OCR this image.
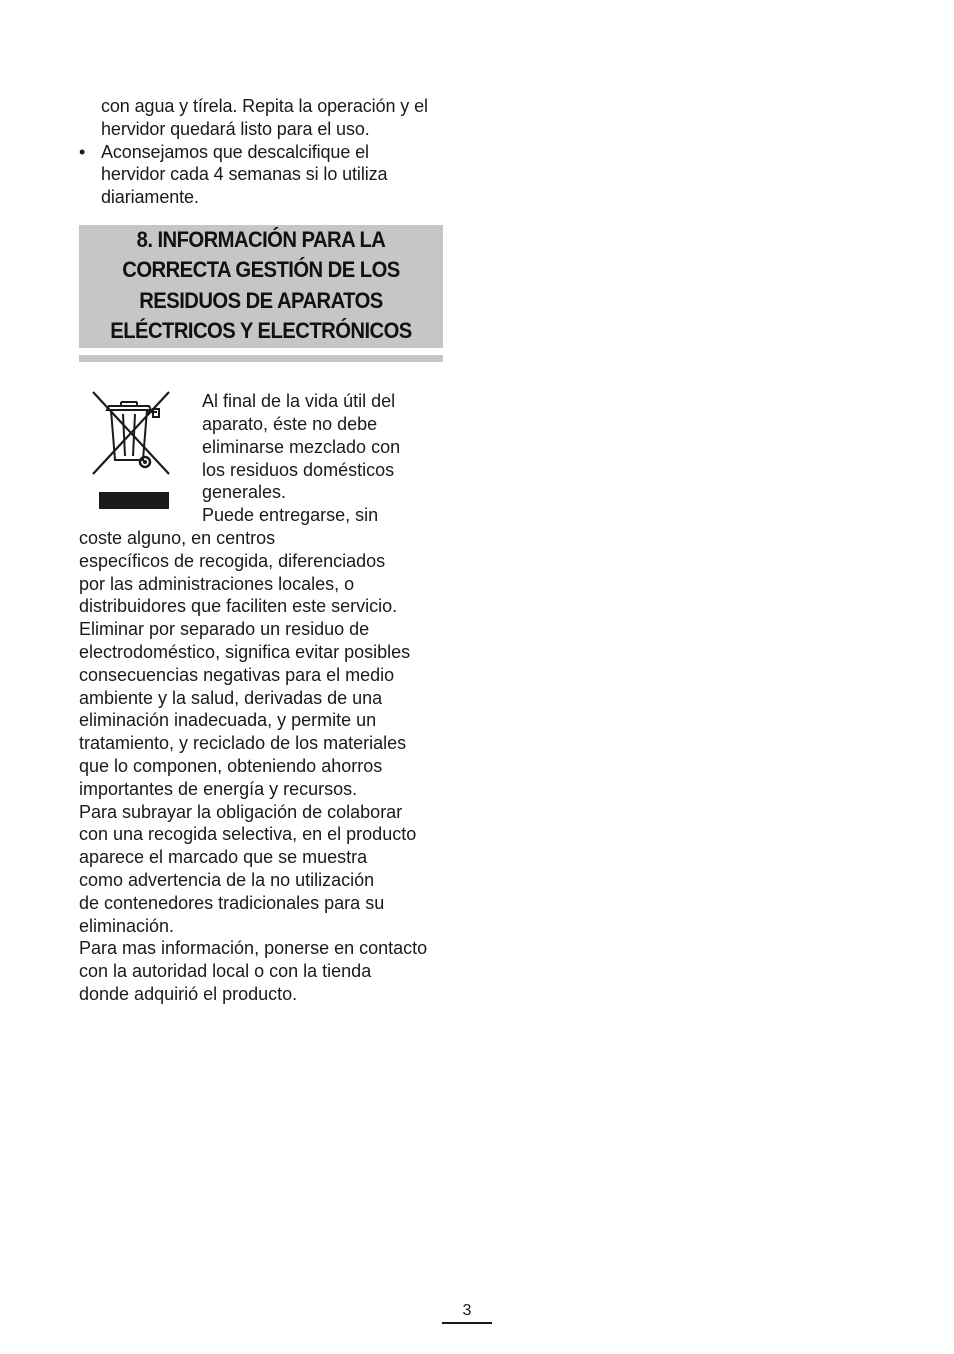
con agua y tírela. Repita la operación y el
hervidor quedará listo para el uso.
• Aconsejamos que descalcifique el
hervidor cada 4 semanas si lo utiliza
diariamente.
8. INFORMACIÓN PARA LA
CORRECTA GESTIÓN DE LOS
RESIDUOS DE APARATOS
ELÉCTRICOS Y ELECTRÓNICOS
Al final de la vida útil del
aparato, éste no debe
eliminarse mezclado con
los residuos domésticos
generales.
Puede entregarse, sin
coste alguno, en centros
específicos de recogida, diferenciados
por las administraciones locales, o
distribuidores que faciliten este servicio.
Eliminar por separado un residuo de
electrodoméstico, significa evitar posibles
consecuencias negativas para el medio
ambiente y la salud, derivadas de una
eliminación inadecuada, y permite un
tratamiento, y reciclado de los materiales
que lo componen, obteniendo ahorros
importantes de energía y recursos.
Para subrayar la obligación de colaborar
con una recogida selectiva, en el producto
aparece el marcado que se muestra
como advertencia de la no utilización
de contenedores tradicionales para su
eliminación.
Para mas información, ponerse en contacto
con la autoridad local o con la tienda
donde adquirió el producto.
3
